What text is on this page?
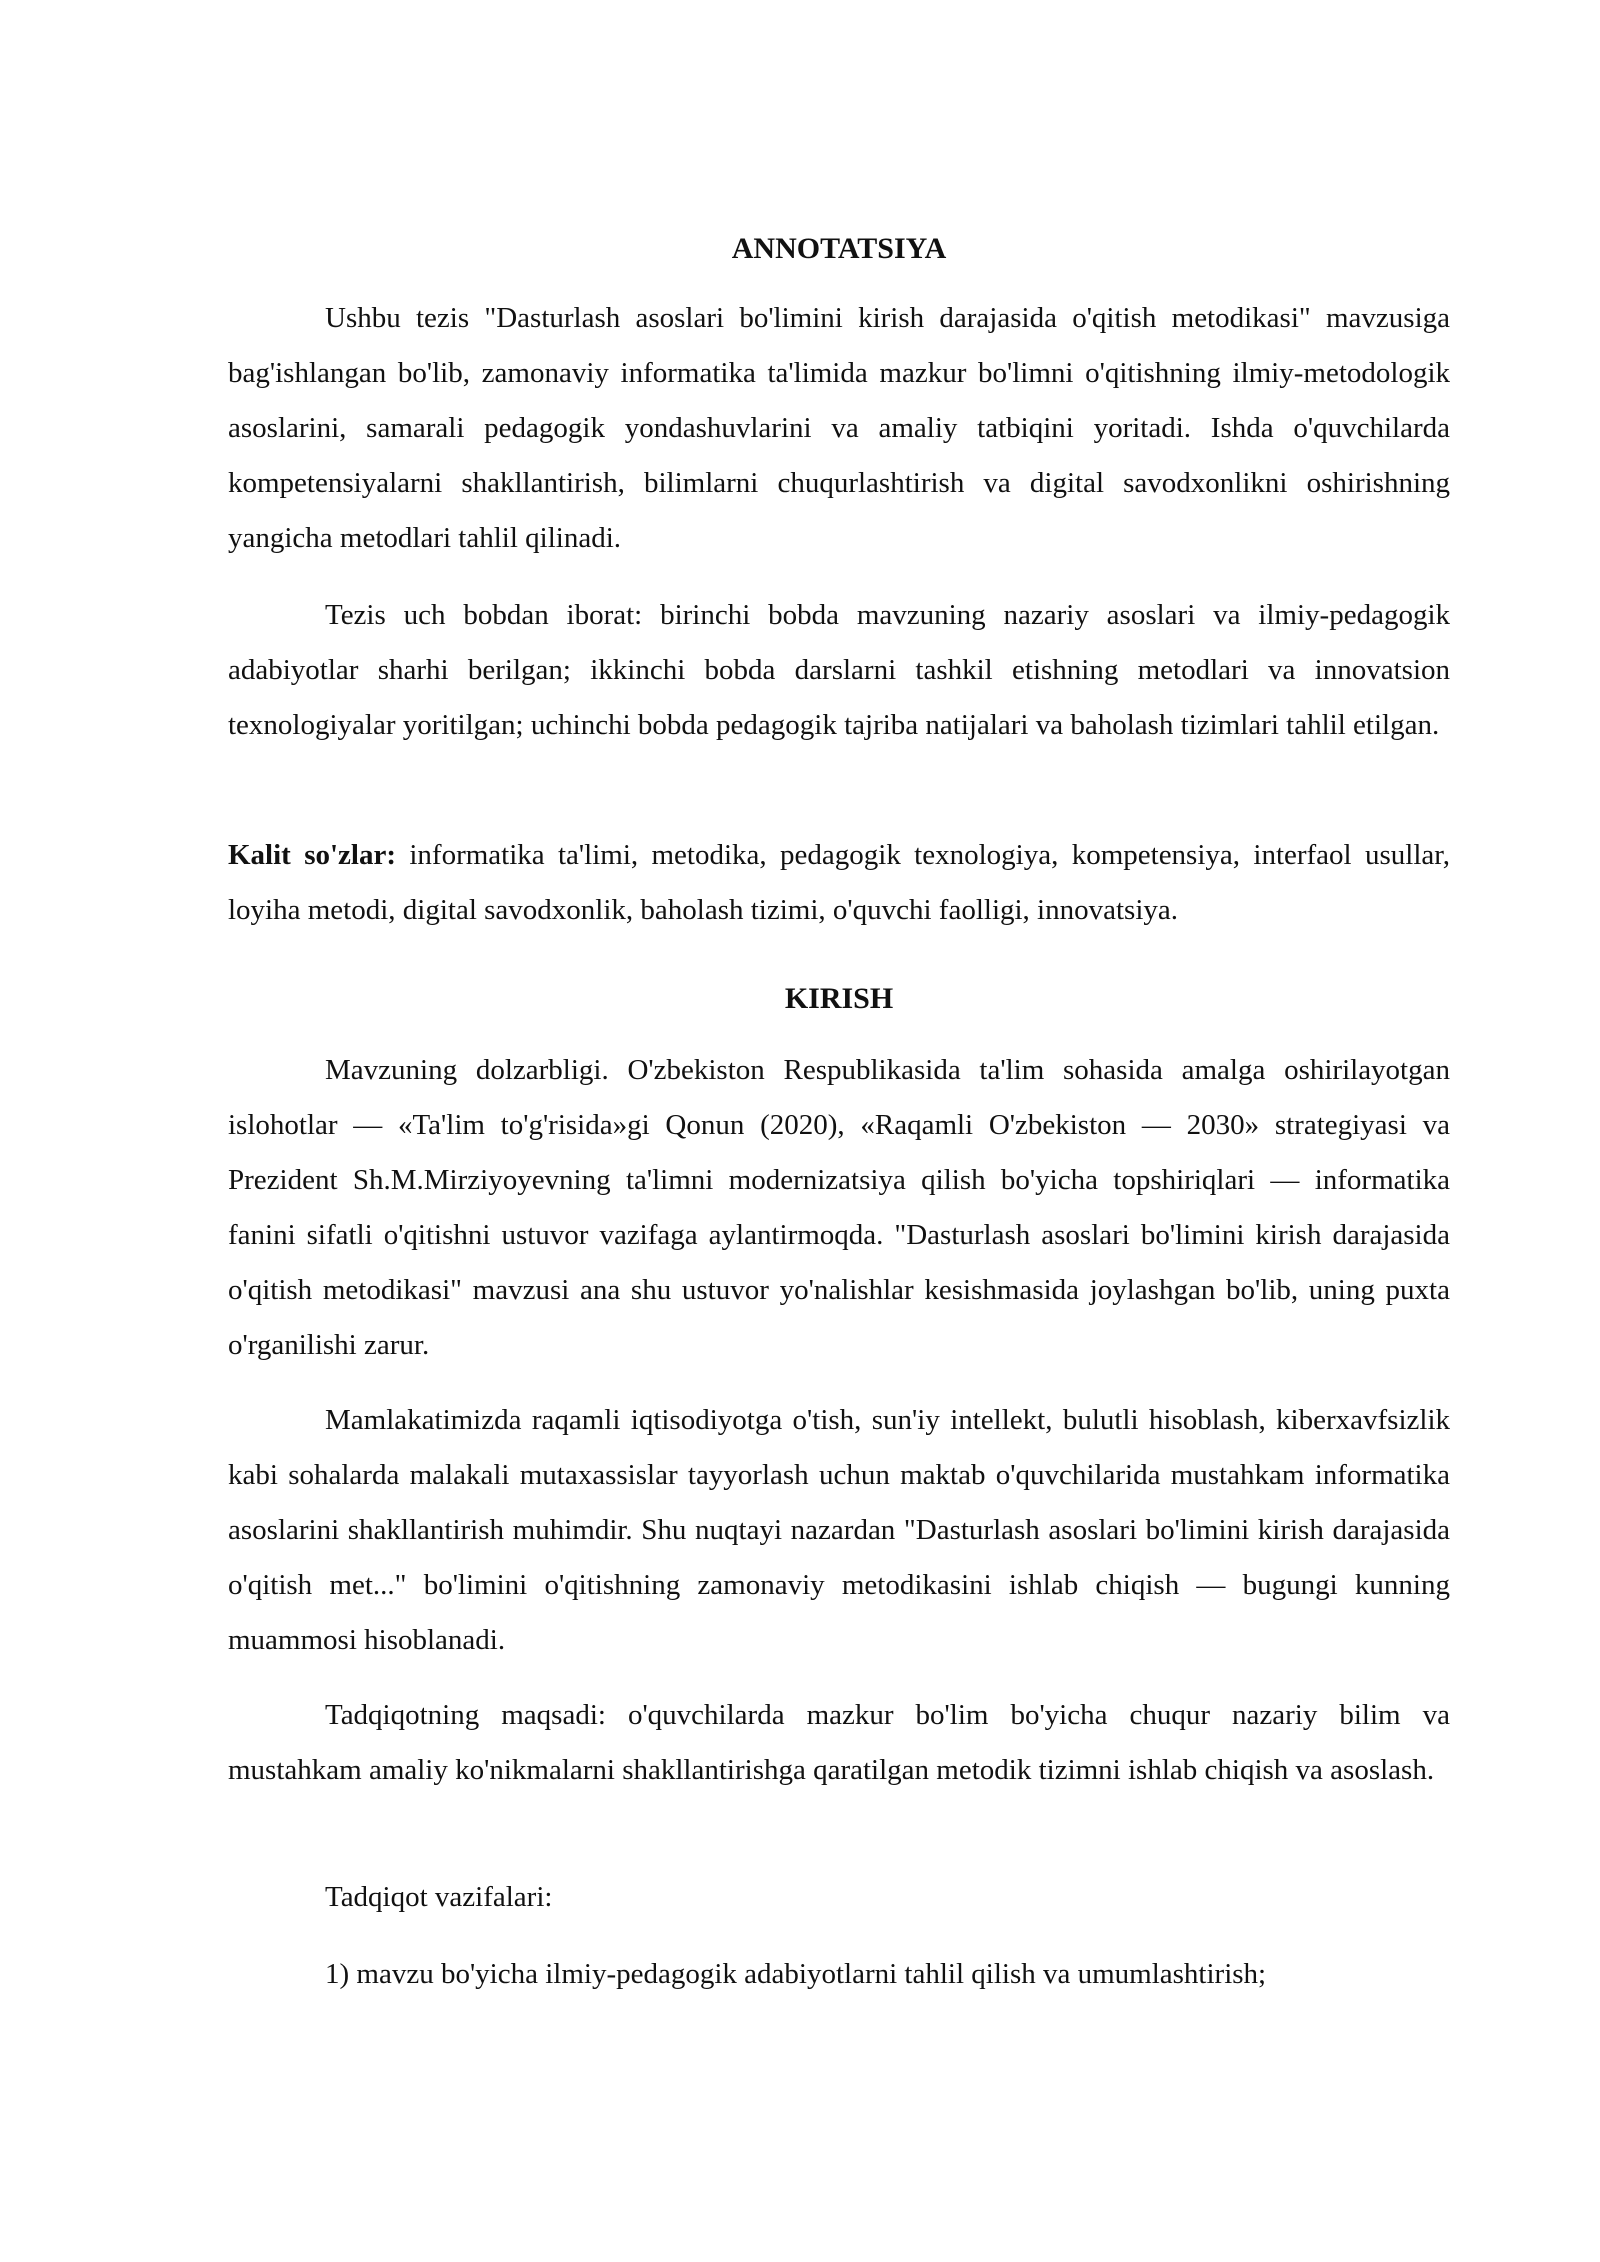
ANNOTATSIYA

Ushbu tezis "Dasturlash asoslari bo'limini kirish darajasida o'qitish metodikasi" mavzusiga bag'ishlangan bo'lib, zamonaviy informatika ta'limida mazkur bo'limni o'qitishning ilmiy-metodologik asoslarini, samarali pedagogik yondashuvlarini va amaliy tatbiqini yoritadi. Ishda o'quvchilarda kompetensiyalarni shakllantirish, bilimlarni chuqurlashtirish va digital savodxonlikni oshirishning yangicha metodlari tahlil qilinadi.

Tezis uch bobdan iborat: birinchi bobda mavzuning nazariy asoslari va ilmiy-pedagogik adabiyotlar sharhi berilgan; ikkinchi bobda darslarni tashkil etishning metodlari va innovatsion texnologiyalar yoritilgan; uchinchi bobda pedagogik tajriba natijalari va baholash tizimlari tahlil etilgan.

Kalit so'zlar: informatika ta'limi, metodika, pedagogik texnologiya, kompetensiya, interfaol usullar, loyiha metodi, digital savodxonlik, baholash tizimi, o'quvchi faolligi, innovatsiya.

KIRISH

Mavzuning dolzarbligi. O'zbekiston Respublikasida ta'lim sohasida amalga oshirilayotgan islohotlar — «Ta'lim to'g'risida»gi Qonun (2020), «Raqamli O'zbekiston — 2030» strategiyasi va Prezident Sh.M.Mirziyoyevning ta'limni modernizatsiya qilish bo'yicha topshiriqlari — informatika fanini sifatli o'qitishni ustuvor vazifaga aylantirmoqda. "Dasturlash asoslari bo'limini kirish darajasida o'qitish metodikasi" mavzusi ana shu ustuvor yo'nalishlar kesishmasida joylashgan bo'lib, uning puxta o'rganilishi zarur.

Mamlakatimizda raqamli iqtisodiyotga o'tish, sun'iy intellekt, bulutli hisoblash, kiberxavfsizlik kabi sohalarda malakali mutaxassislar tayyorlash uchun maktab o'quvchilarida mustahkam informatika asoslarini shakllantirish muhimdir. Shu nuqtayi nazardan "Dasturlash asoslari bo'limini kirish darajasida o'qitish met..." bo'limini o'qitishning zamonaviy metodikasini ishlab chiqish — bugungi kunning muammosi hisoblanadi.

Tadqiqotning maqsadi: o'quvchilarda mazkur bo'lim bo'yicha chuqur nazariy bilim va mustahkam amaliy ko'nikmalarni shakllantirishga qaratilgan metodik tizimni ishlab chiqish va asoslash.

Tadqiqot vazifalari:

1) mavzu bo'yicha ilmiy-pedagogik adabiyotlarni tahlil qilish va umumlashtirish;
